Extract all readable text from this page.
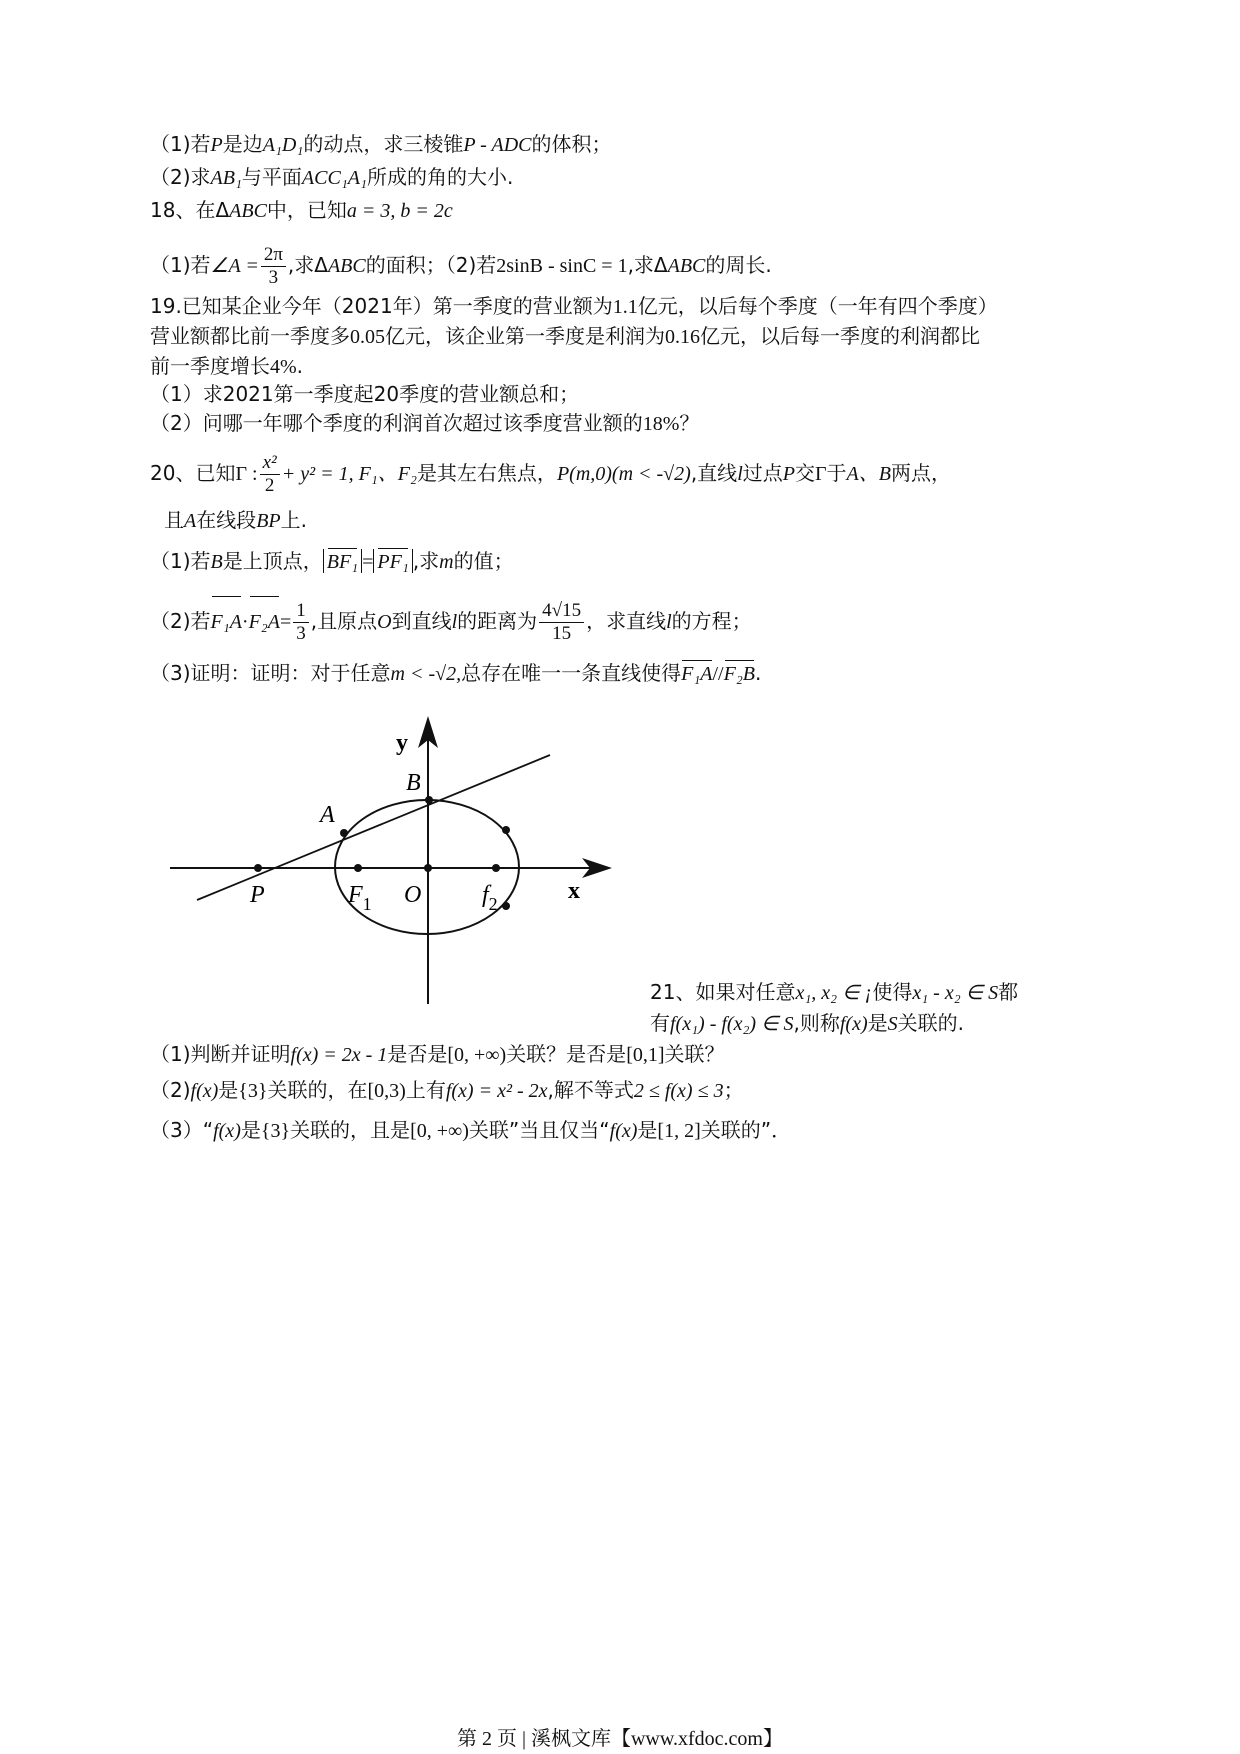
（1)若P是边A₁D₁的动点，求三棱锥P - ADC的体积；
（2)求AB₁与平面ACC₁A₁所成的角的大小.
18、在ΔABC中，已知a = 3, b = 2c
（1)若∠A = $\frac{2\pi}{3}$ ,求ΔABC的面积；（2)若2sinB - sinC = 1,求ΔABC的周长.
19.已知某企业今年（2021年）第一季度的营业额为1.1亿元，以后每个季度（一年有四个季度）
营业额都比前一季度多0.05亿元，该企业第一季度是利润为0.16亿元，以后每一季度的利润都比
前一季度增长4%.
（1）求2021第一季度起20季度的营业额总和；
（2）问哪一年哪个季度的利润首次超过该季度营业额的18%？
20、已知Γ : $\frac{\text{x²}}{2} + y^2 = 1$, F₁、F₂是其左右焦点，P(m,0)(m < -√2),直线l过点P交Γ于A、B两点，
且A在线段BP上.
（1)若B是上顶点， BF₁ = PF₁ ,求m的值；
（2)若$F_1A\cdot F_2A= \frac{1}{3}$ ,且原点O到直线l的距离为 $\frac{4√15}{15}$ ，求直线l的方程；
（3)证明：证明：对于任意m < -√2,总存在唯一一条直线使得F₁A//F₂B.
y
x
B
A
P	$F_1$ O	$f_2$
21、如果对任意x₁, x₂ ∈ ¡使得x₁ - x₂ ∈ S都
有f(x₁) - f(x₂) ∈ S,则称f(x)是S关联的.
（1)判断并证明f(x) = 2x - 1是否是[0, +∞)关联？是否是[0,1]关联？
（2)f(x)是{3}关联的，在[0,3)上有f(x) = x² - 2x,解不等式2 ≤ f(x) ≤ 3；
（3）“f(x)是{3}关联的，且是[0, +∞)关联”当且仅当“f(x)是[1, 2]关联的”．
第 2 页 | 溪枫文库【www.xfdoc.com】
